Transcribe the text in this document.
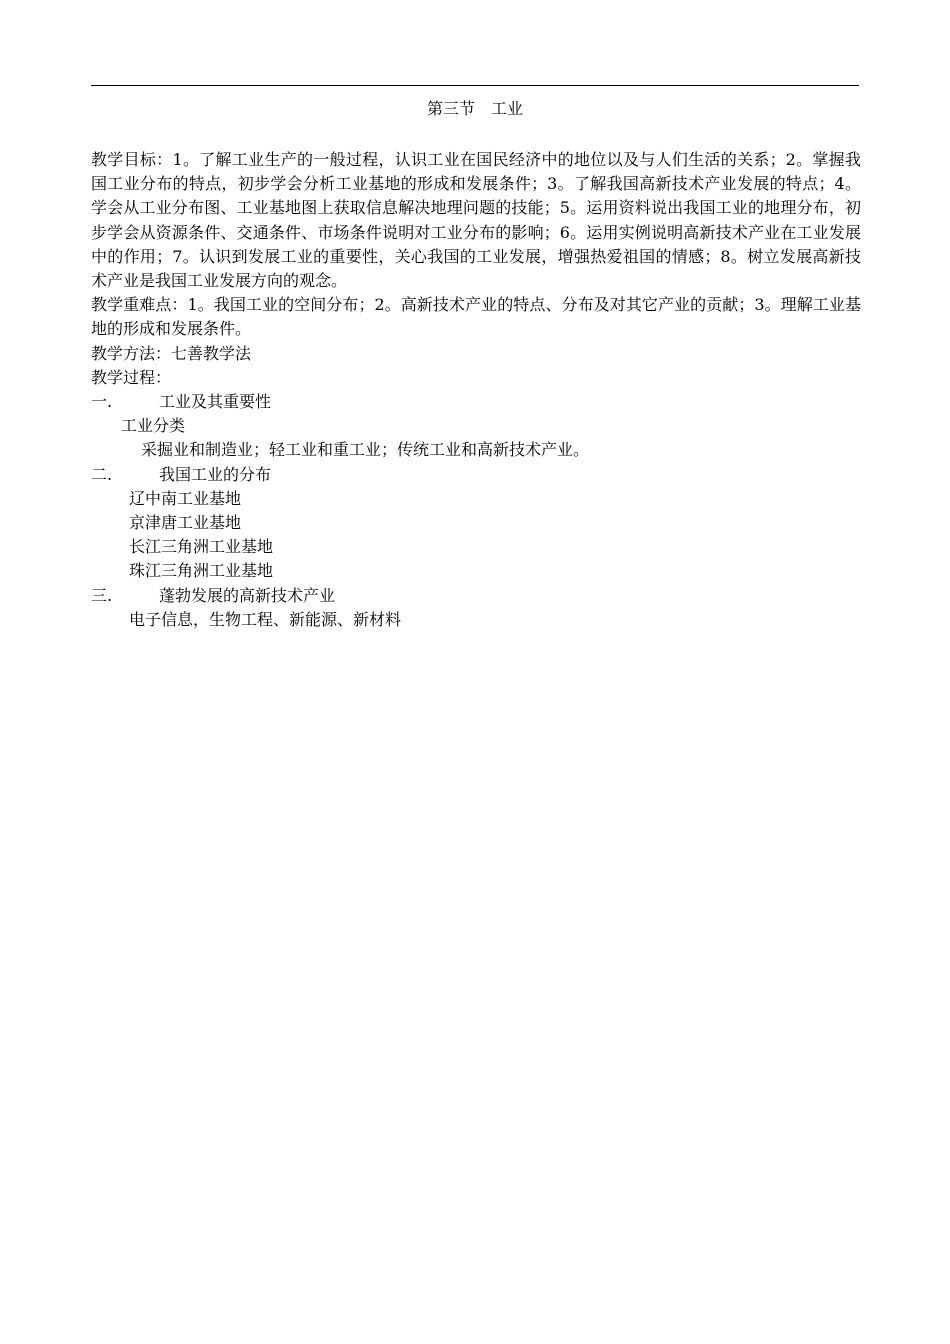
第三节　工业

教学目标：1。了解工业生产的一般过程，认识工业在国民经济中的地位以及与人们生活的关系；2。掌握我国工业分布的特点，初步学会分析工业基地的形成和发展条件；3。了解我国高新技术产业发展的特点；4。学会从工业分布图、工业基地图上获取信息解决地理问题的技能；5。运用资料说出我国工业的地理分布，初步学会从资源条件、交通条件、市场条件说明对工业分布的影响；6。运用实例说明高新技术产业在工业发展中的作用；7。认识到发展工业的重要性，关心我国的工业发展，增强热爱祖国的情感；8。树立发展高新技术产业是我国工业发展方向的观念。

教学重难点：1。我国工业的空间分布；2。高新技术产业的特点、分布及对其它产业的贡献；3。理解工业基地的形成和发展条件。

教学方法：七善教学法

教学过程：

一.	工业及其重要性

工业分类

采掘业和制造业；轻工业和重工业；传统工业和高新技术产业。

二.	我国工业的分布

辽中南工业基地

京津唐工业基地

长江三角洲工业基地

珠江三角洲工业基地

三.	蓬勃发展的高新技术产业

电子信息，生物工程、新能源、新材料
